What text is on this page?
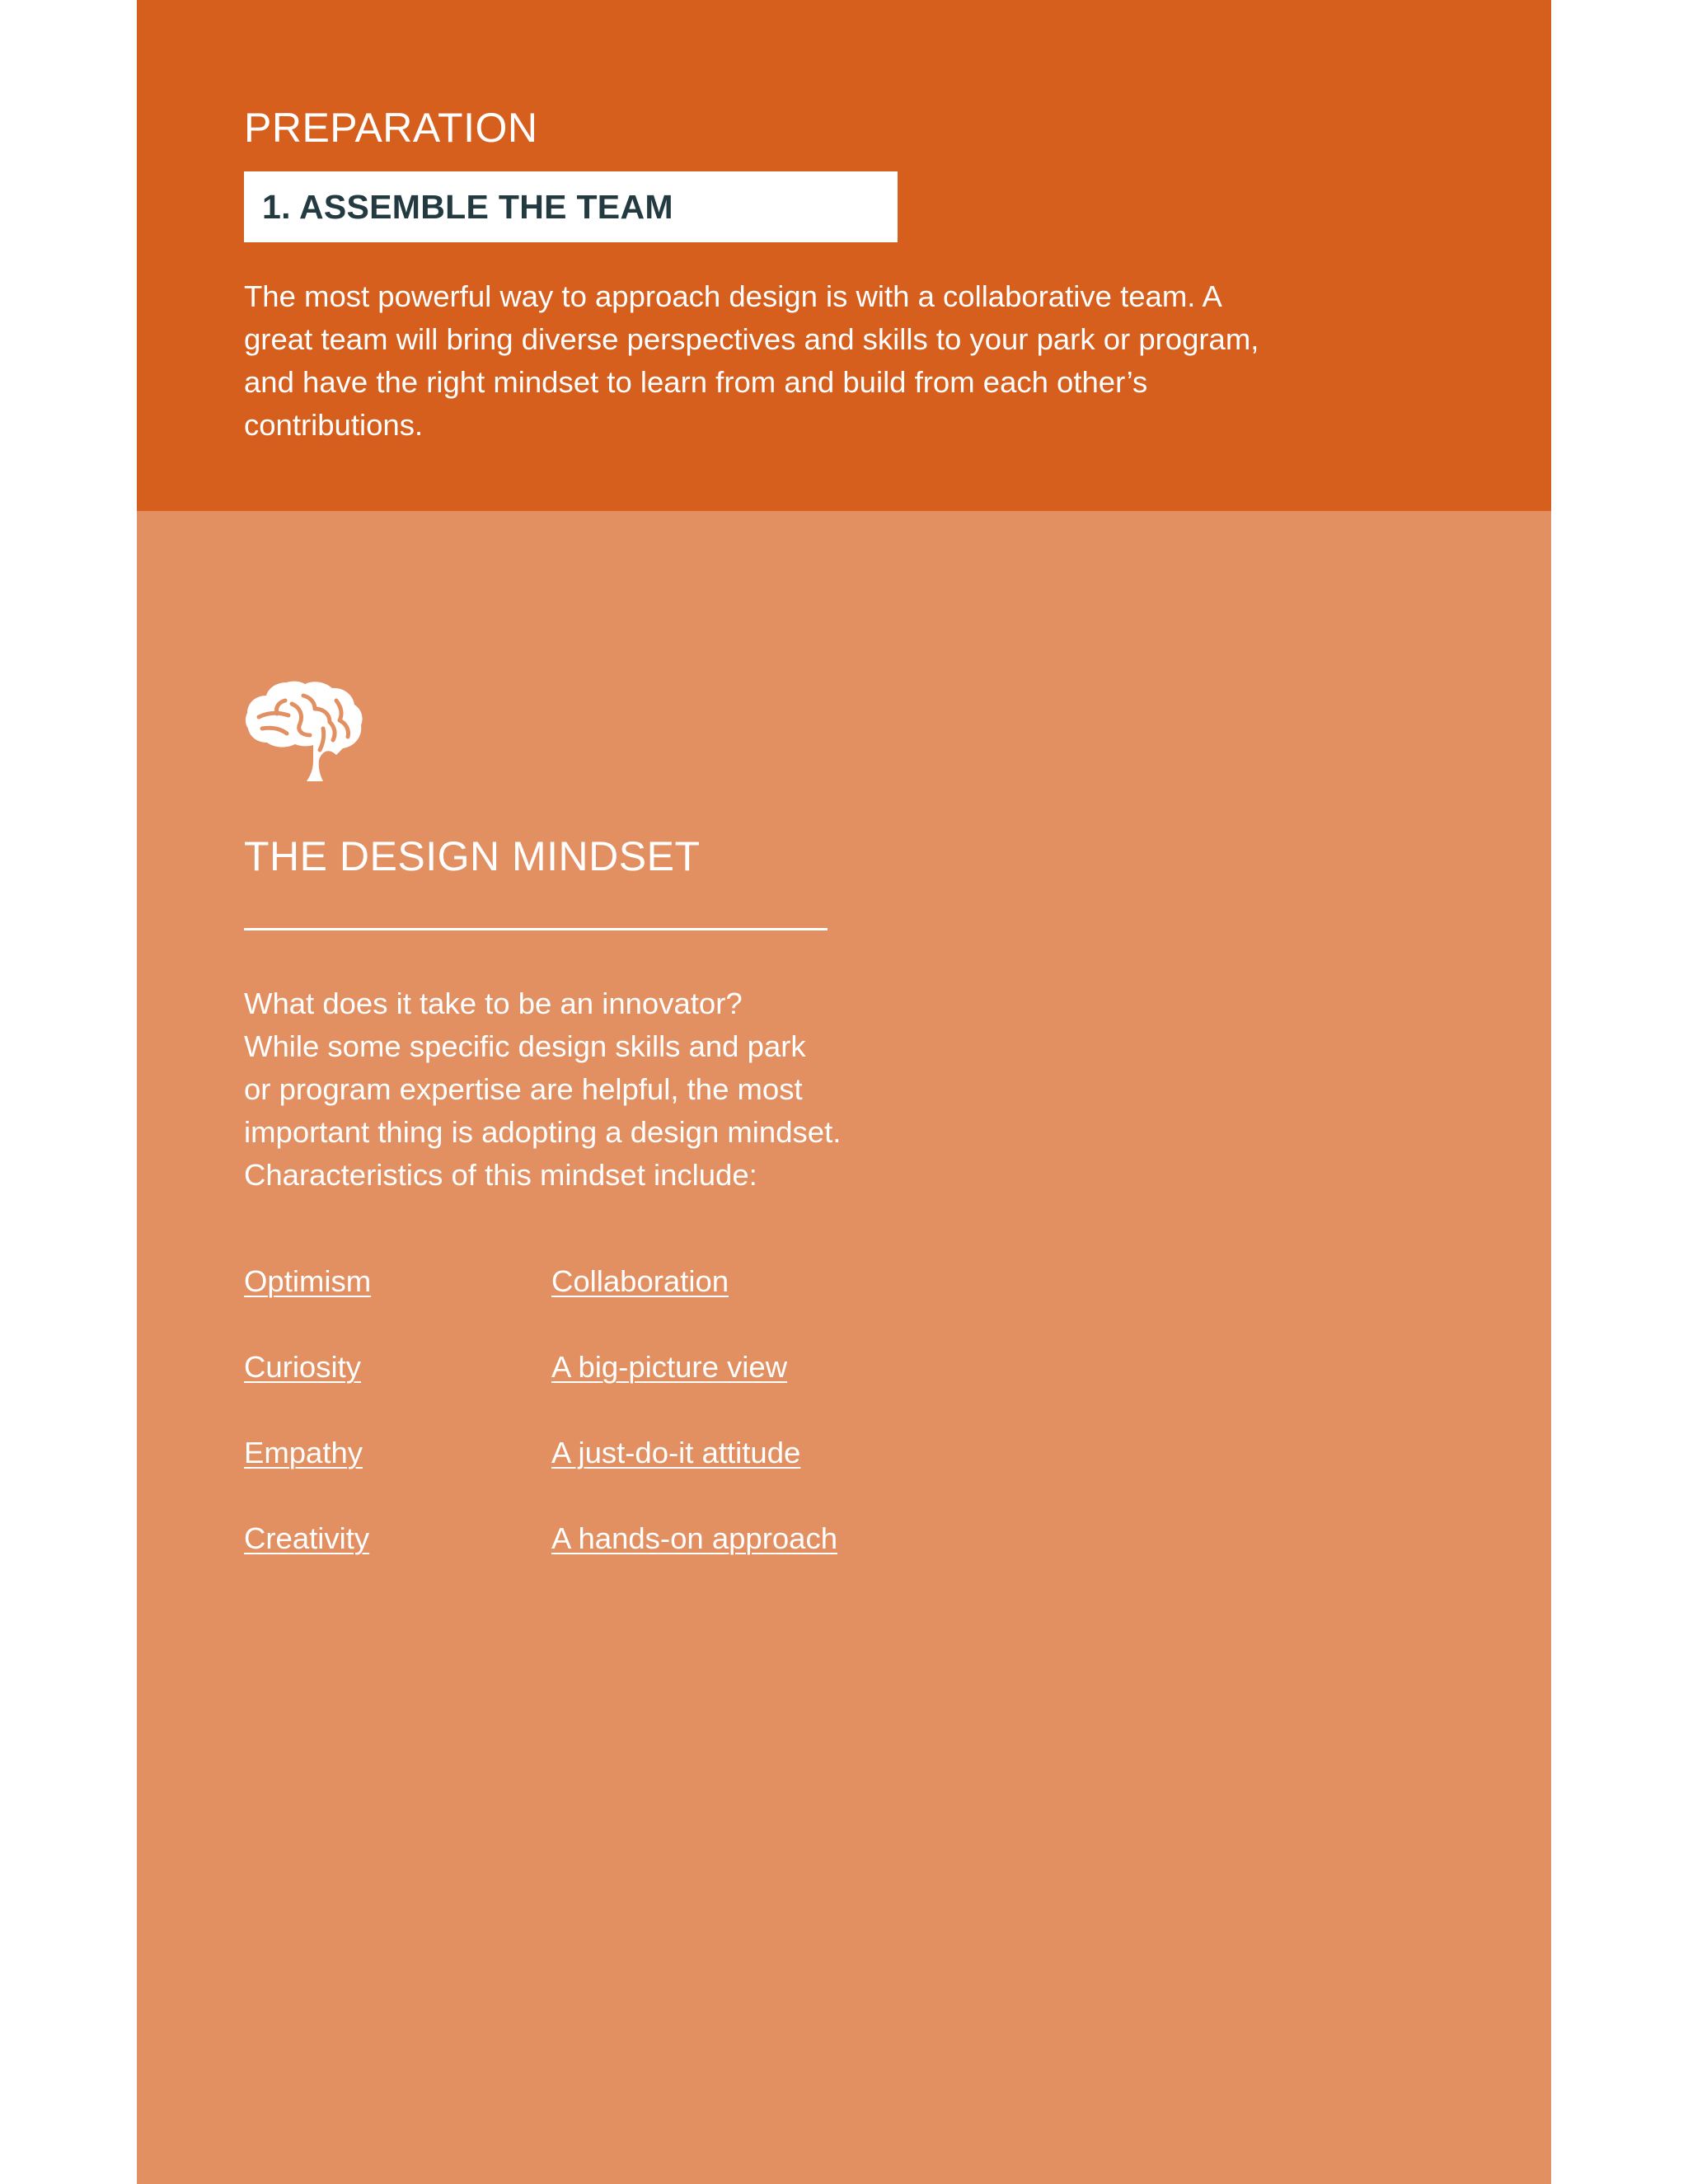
PREPARATION
1. ASSEMBLE THE TEAM
The most powerful way to approach design is with a collaborative team. A great team will bring diverse perspectives and skills to your park or program, and have the right mindset to learn from and build from each other’s contributions.
THE DESIGN MINDSET
What does it take to be an innovator?
While some specific design skills and park
or program expertise are helpful, the most
important thing is adopting a design mindset.
Characteristics of this mindset include:
Optimism
Curiosity
Empathy
Creativity
Collaboration
A big-picture view
A just-do-it attitude
A hands-on approach
